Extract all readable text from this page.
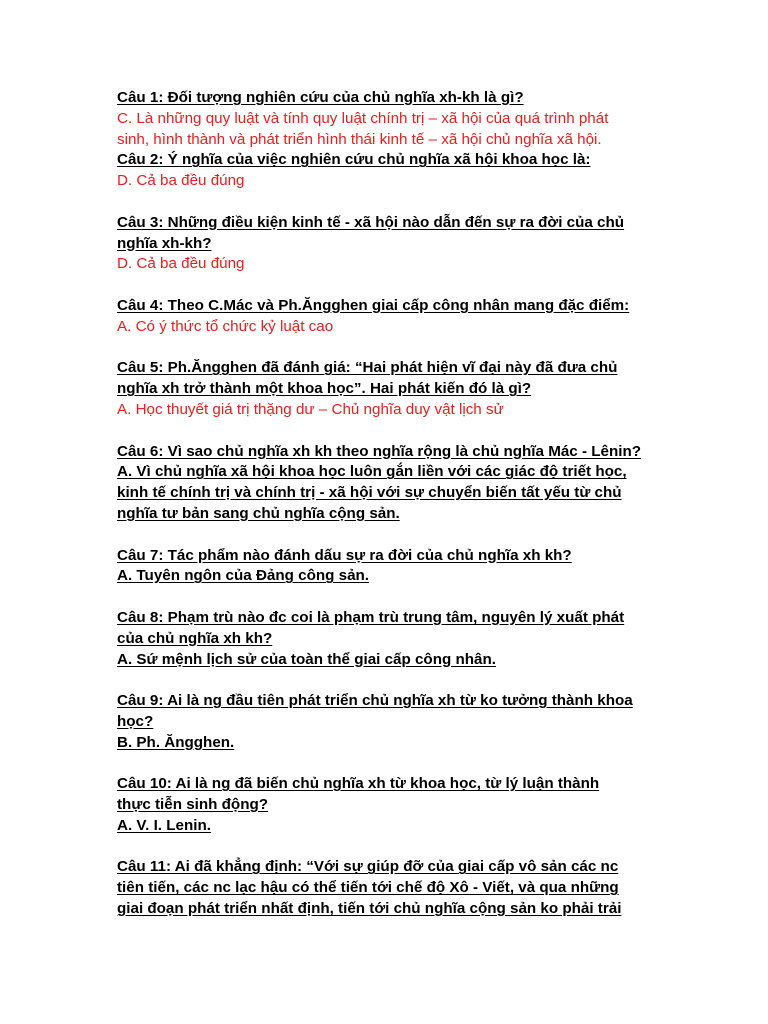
Câu 1: Đối tượng nghiên cứu của chủ nghĩa xh-kh là gì?
C. Là những quy luật và tính quy luật chính trị – xã hội của quá trình phát
sinh, hình thành và phát triển hình thái kinh tế – xã hội chủ nghĩa xã hội.
Câu 2: Ý nghĩa của việc nghiên cứu chủ nghĩa xã hội khoa học là:
D. Cả ba đều đúng
Câu 3: Những điều kiện kinh tế - xã hội nào dẫn đến sự ra đời của chủ
nghĩa xh-kh?
D. Cả ba đều đúng
Câu 4: Theo C.Mác và Ph.Ăngghen giai cấp công nhân mang đặc điểm:
A. Có ý thức tổ chức kỷ luật cao
Câu 5: Ph.Ăngghen đã đánh giá: “Hai phát hiện vĩ đại này đã đưa chủ
nghĩa xh trở thành một khoa học”. Hai phát kiến đó là gì?
A. Học thuyết giá trị thặng dư – Chủ nghĩa duy vật lịch sử
Câu 6: Vì sao chủ nghĩa xh kh theo nghĩa rộng là chủ nghĩa Mác - Lênin?
A. Vì chủ nghĩa xã hội khoa học luôn gắn liền với các giác độ triết học,
kinh tế chính trị và chính trị - xã hội với sự chuyển biến tất yếu từ chủ
nghĩa tư bản sang chủ nghĩa cộng sản.
Câu 7: Tác phẩm nào đánh dấu sự ra đời của chủ nghĩa xh kh?
A. Tuyên ngôn của Đảng công sản.
Câu 8: Phạm trù nào đc coi là phạm trù trung tâm, nguyên lý xuất phát
của chủ nghĩa xh kh?
A. Sứ mệnh lịch sử của toàn thể giai cấp công nhân.
Câu 9: Ai là ng đầu tiên phát triển chủ nghĩa xh từ ko tưởng thành khoa
học?
B. Ph. Ăngghen.
Câu 10: Ai là ng đã biến chủ nghĩa xh từ khoa học, từ lý luận thành
thực tiễn sinh động?
A. V. I. Lenin.
Câu 11: Ai đã khẳng định: “Với sự giúp đỡ của giai cấp vô sản các nc
tiên tiến, các nc lạc hậu có thể tiến tới chế độ Xô - Viết, và qua những
giai đoạn phát triển nhất định, tiến tới chủ nghĩa cộng sản ko phải trải
